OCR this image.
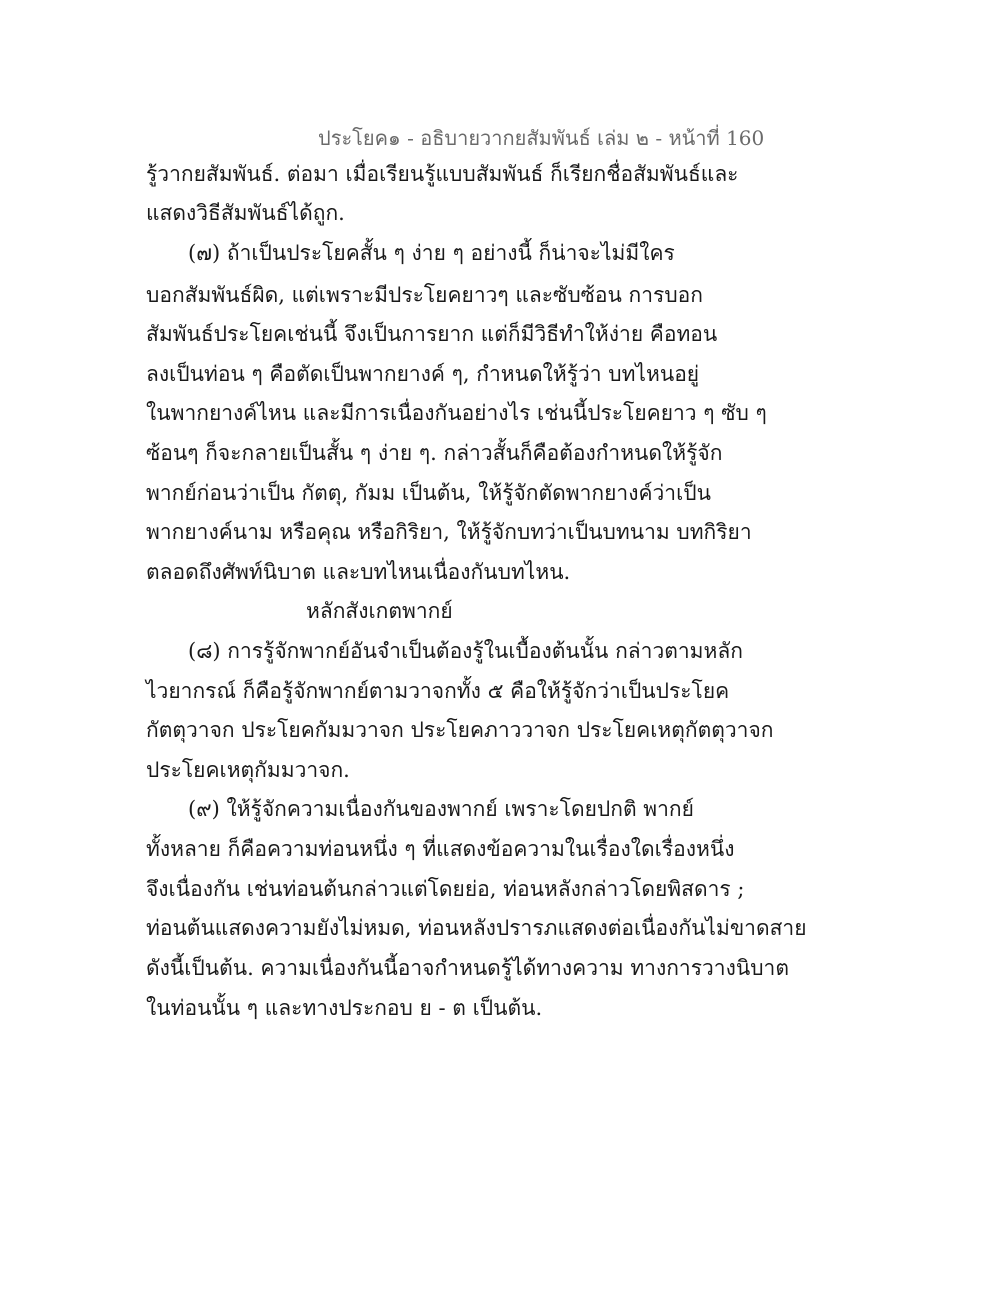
ประโยค๑ - อธิบายวากยสัมพันธ์ เล่ม ๒ - หน้าที่ 160
รู้วากยสัมพันธ์. ต่อมา เมื่อเรียนรู้แบบสัมพันธ์ ก็เรียกชื่อสัมพันธ์และ
แสดงวิธีสัมพันธ์ได้ถูก.
(๗) ถ้าเป็นประโยคสั้น ๆ ง่าย ๆ อย่างนี้ ก็น่าจะไม่มีใคร
บอกสัมพันธ์ผิด, แต่เพราะมีประโยคยาวๆ และซับซ้อน การบอก
สัมพันธ์ประโยคเช่นนี้ จึงเป็นการยาก แต่ก็มีวิธีทำให้ง่าย คือทอน
ลงเป็นท่อน ๆ คือตัดเป็นพากยางค์ ๆ, กำหนดให้รู้ว่า บทไหนอยู่
ในพากยางค์ไหน และมีการเนื่องกันอย่างไร เช่นนี้ประโยคยาว ๆ ซับ ๆ
ซ้อนๆ ก็จะกลายเป็นสั้น ๆ ง่าย ๆ. กล่าวสั้นก็คือต้องกำหนดให้รู้จัก
พากย์ก่อนว่าเป็น กัตตุ, กัมม เป็นต้น, ให้รู้จักตัดพากยางค์ว่าเป็น
พากยางค์นาม หรือคุณ หรือกิริยา, ให้รู้จักบทว่าเป็นบทนาม บทกิริยา
ตลอดถึงศัพท์นิบาต และบทไหนเนื่องกันบทไหน.
หลักสังเกตพากย์
(๘) การรู้จักพากย์อันจำเป็นต้องรู้ในเบื้องต้นนั้น กล่าวตามหลัก
ไวยากรณ์ ก็คือรู้จักพากย์ตามวาจกทั้ง ๕ คือให้รู้จักว่าเป็นประโยค
กัตตุวาจก ประโยคกัมมวาจก ประโยคภาววาจก ประโยคเหตุกัตตุวาจก
ประโยคเหตุกัมมวาจก.
(๙) ให้รู้จักความเนื่องกันของพากย์ เพราะโดยปกติ พากย์
ทั้งหลาย ก็คือความท่อนหนึ่ง ๆ ที่แสดงข้อความในเรื่องใดเรื่องหนึ่ง
จึงเนื่องกัน เช่นท่อนต้นกล่าวแต่โดยย่อ, ท่อนหลังกล่าวโดยพิสดาร ;
ท่อนต้นแสดงความยังไม่หมด, ท่อนหลังปรารภแสดงต่อเนื่องกันไม่ขาดสาย
ดังนี้เป็นต้น. ความเนื่องกันนี้อาจกำหนดรู้ได้ทางความ ทางการวางนิบาต
ในท่อนนั้น ๆ และทางประกอบ ย - ต เป็นต้น.
